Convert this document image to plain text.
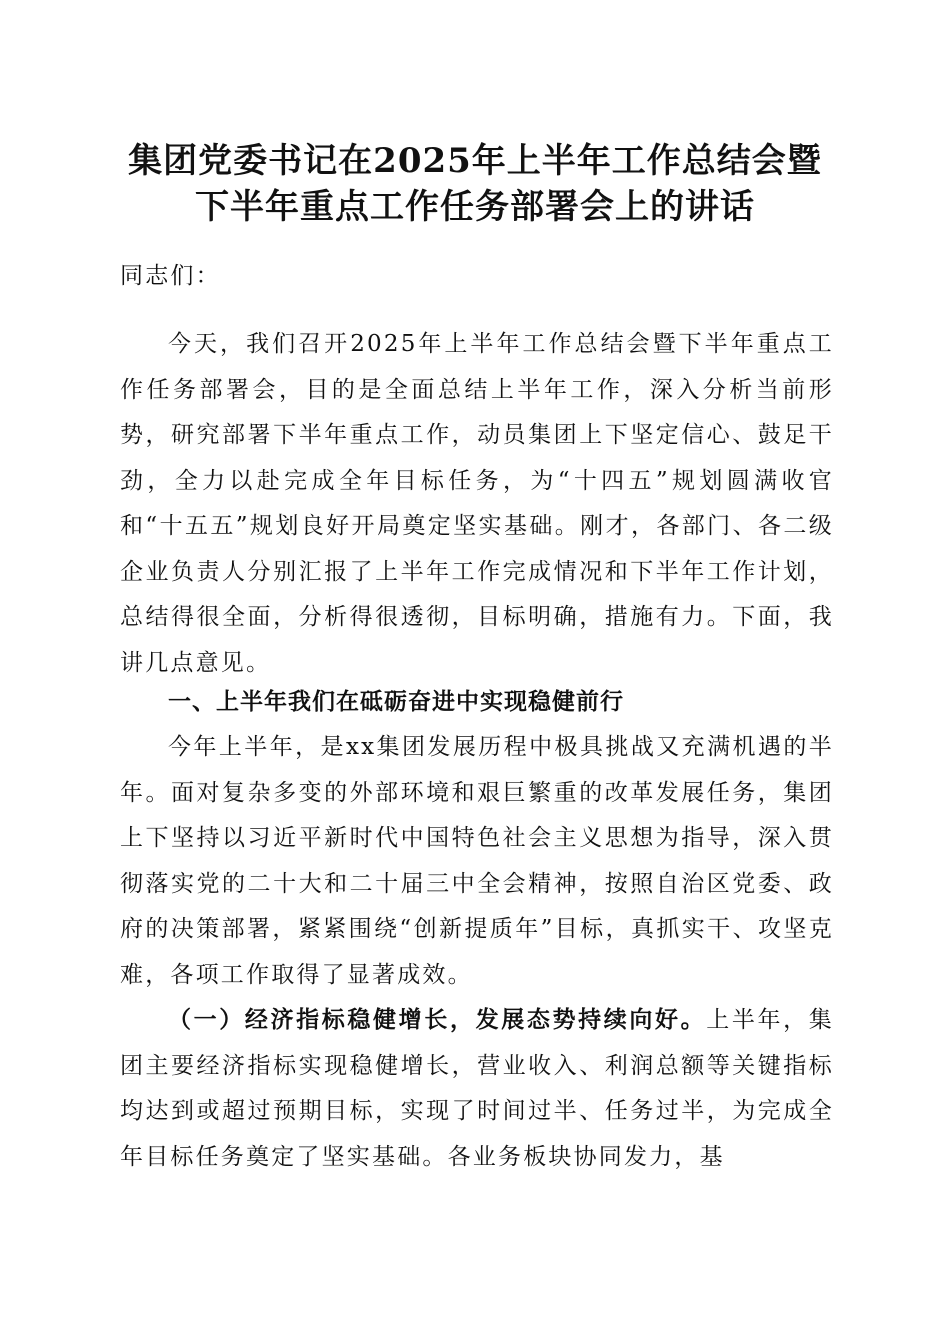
集团党委书记在2025年上半年工作总结会暨
下半年重点工作任务部署会上的讲话
同志们：
今天，我们召开2025年上半年工作总结会暨下半年重点工作任务部署会，目的是全面总结上半年工作，深入分析当前形势，研究部署下半年重点工作，动员集团上下坚定信心、鼓足干劲，全力以赴完成全年目标任务，为“十四五”规划圆满收官和“十五五”规划良好开局奠定坚实基础。刚才，各部门、各二级企业负责人分别汇报了上半年工作完成情况和下半年工作计划，总结得很全面，分析得很透彻，目标明确，措施有力。下面，我讲几点意见。
一、上半年我们在砥砺奋进中实现稳健前行
今年上半年，是xx集团发展历程中极具挑战又充满机遇的半年。面对复杂多变的外部环境和艰巨繁重的改革发展任务，集团上下坚持以习近平新时代中国特色社会主义思想为指导，深入贯彻落实党的二十大和二十届三中全会精神，按照自治区党委、政府的决策部署，紧紧围绕“创新提质年”目标，真抓实干、攻坚克难，各项工作取得了显著成效。
（一）经济指标稳健增长，发展态势持续向好。上半年，集团主要经济指标实现稳健增长，营业收入、利润总额等关键指标均达到或超过预期目标，实现了时间过半、任务过半，为完成全年目标任务奠定了坚实基础。各业务板块协同发力，基
